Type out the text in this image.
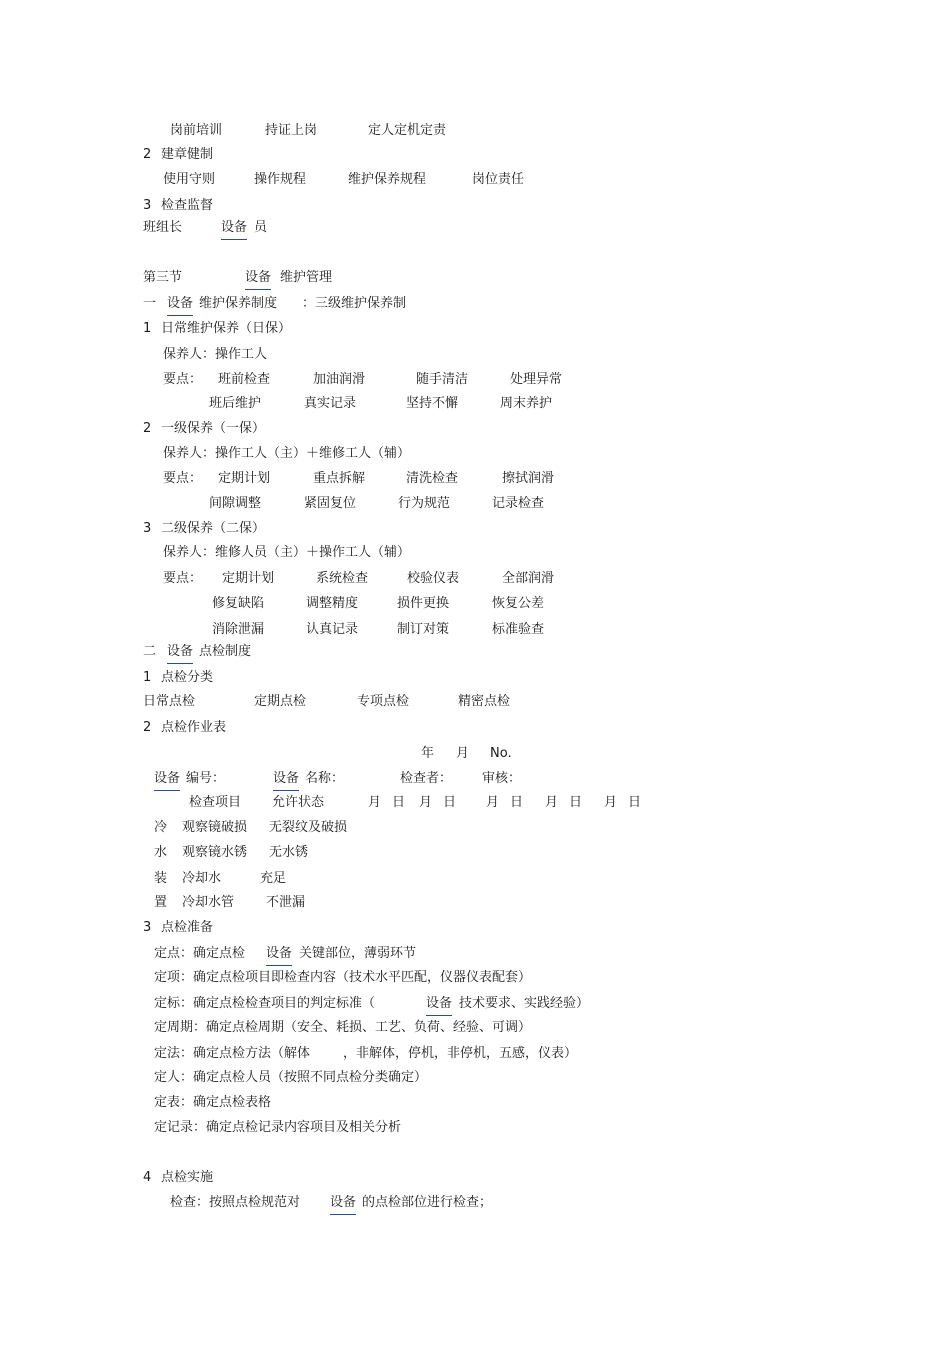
岗前培训	持证上岗	定人定机定责
2 建章健制
使用守则	操作规程	维护保养规程	岗位责任
3 检查监督
班组长	设备 员
第三节	设备 维护管理
一 设备 维护保养制度 ：三级维护保养制
1 日常维护保养（日保）
保养人：操作工人
要点： 班前检查	加油润滑	随手清洁	处理异常
班后维护	真实记录	坚持不懈	周末养护
2 一级保养（一保）
保养人：操作工人（主）＋维修工人（辅）
要点： 定期计划	重点拆解	清洗检查	擦拭润滑
间隙调整	紧固复位	行为规范	记录检查
3 二级保养（二保）
保养人：维修人员（主）＋操作工人（辅）
要点： 定期计划	系统检查	校验仪表	全部润滑
修复缺陷	调整精度	损件更换	恢复公差
消除泄漏	认真记录	制订对策	标准验查
二 设备 点检制度
1 点检分类
日常点检	定期点检	专项点检	精密点检
2 点检作业表
年 月 No.
设备 编号：	设备 名称：	检查者： 审核：
检查项目 允许状态	月 日 月 日 月 日 月 日 月 日
冷 观察镜破损 无裂纹及破损
水 观察镜水锈 无水锈
装 冷却水	充足
置 冷却水管 不泄漏
3 点检准备
定点：确定点检 设备 关键部位，薄弱环节
定项：确定点检项目即检查内容（技术水平匹配，仪器仪表配套）
定标：确定点检检查项目的判定标准（	设备 技术要求、实践经验）
定周期：确定点检周期（安全、耗损、工艺、负荷、经验、可调）
定法：确定点检方法（解体	，非解体，停机，非停机，五感，仪表）
定人：确定点检人员（按照不同点检分类确定）
定表：确定点检表格
定记录：确定点检记录内容项目及相关分析
4 点检实施
检查：按照点检规范对 设备 的点检部位进行检查；
